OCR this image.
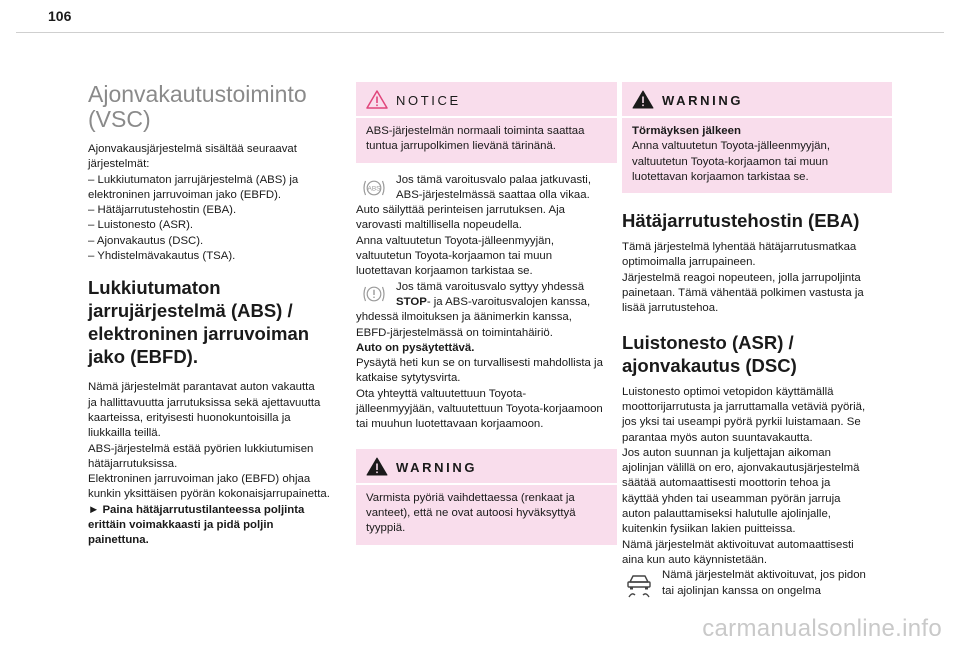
106
Ajonvakautustoiminto
(VSC)

Ajonvakausjärjestelmä sisältää seuraavat
järjestelmät:
– Lukkiutumaton jarrujärjestelmä (ABS) ja
elektroninen jarruvoiman jako (EBFD).
– Hätäjarrutustehostin (EBA).
– Luistonesto (ASR).
– Ajonvakautus (DSC).
– Yhdistelmävakautus (TSA).

Lukkiutumaton
jarrujärjestelmä (ABS) /
elektroninen jarruvoiman
jako (EBFD).

Nämä järjestelmät parantavat auton vakautta
ja hallittavuutta jarrutuksissa sekä ajettavuutta
kaarteissa, erityisesti huonokuntoisilla ja
liukkailla teillä.
ABS-järjestelmä estää pyörien lukkiutumisen
hätäjarrutuksissa.
Elektroninen jarruvoiman jako (EBFD) ohjaa
kunkin yksittäisen pyörän kokonaisjarrupainetta.

► Paina hätäjarrutustilanteessa poljinta
erittäin voimakkaasti ja pidä poljin
painettuna.

NOTICE
ABS-järjestelmän normaali toiminta saattaa
tuntua jarrupolkimen lievänä tärinänä.
ABS

Jos tämä varoitusvalo palaa jatkuvasti,
ABS-järjestelmässä saattaa olla vikaa.

Auto säilyttää perinteisen jarrutuksen. Aja
varovasti maltillisella nopeudella.
Anna valtuutetun Toyota-jälleenmyyjän,
valtuutetun Toyota-korjaamon tai muun
luotettavan korjaamon tarkistaa se.

Jos tämä varoitusvalo syttyy yhdessä
STOP- ja ABS-varoitusvalojen kanssa,

yhdessä ilmoituksen ja äänimerkin kanssa,
EBFD-järjestelmässä on toimintahäiriö.
Auto on pysäytettävä.
Pysäytä heti kun se on turvallisesti mahdollista ja
katkaise sytytysvirta.
Ota yhteyttä valtuutettuun Toyota-
jälleenmyyjään, valtuutettuun Toyota-korjaamoon
tai muuhun luotettavaan korjaamoon.

WARNING
Varmista pyöriä vaihdettaessa (renkaat ja
vanteet), että ne ovat autoosi hyväksyttyä
tyyppiä.
WARNING
Törmäyksen jälkeen
Anna valtuutetun Toyota-jälleenmyyjän,
valtuutetun Toyota-korjaamon tai muun
luotettavan korjaamon tarkistaa se.
Hätäjarrutustehostin (EBA)

Tämä järjestelmä lyhentää hätäjarrutusmatkaa
optimoimalla jarrupaineen.
Järjestelmä reagoi nopeuteen, jolla jarrupoljinta
painetaan. Tämä vähentää polkimen vastusta ja
lisää jarrutustehoa.

Luistonesto (ASR) /
ajonvakautus (DSC)

Luistonesto optimoi vetopidon käyttämällä
moottorijarrutusta ja jarruttamalla vetäviä pyöriä,
jos yksi tai useampi pyörä pyrkii luistamaan. Se
parantaa myös auton suuntavakautta.
Jos auton suunnan ja kuljettajan aikoman
ajolinjan välillä on ero, ajonvakautusjärjestelmä
säätää automaattisesti moottorin tehoa ja
käyttää yhden tai useamman pyörän jarruja
auton palauttamiseksi halutulle ajolinjalle,
kuitenkin fysiikan lakien puitteissa.
Nämä järjestelmät aktivoituvat automaattisesti
aina kun auto käynnistetään.

Nämä järjestelmät aktivoituvat, jos pidon
tai ajolinjan kanssa on ongelma

carmanualsonline.info
